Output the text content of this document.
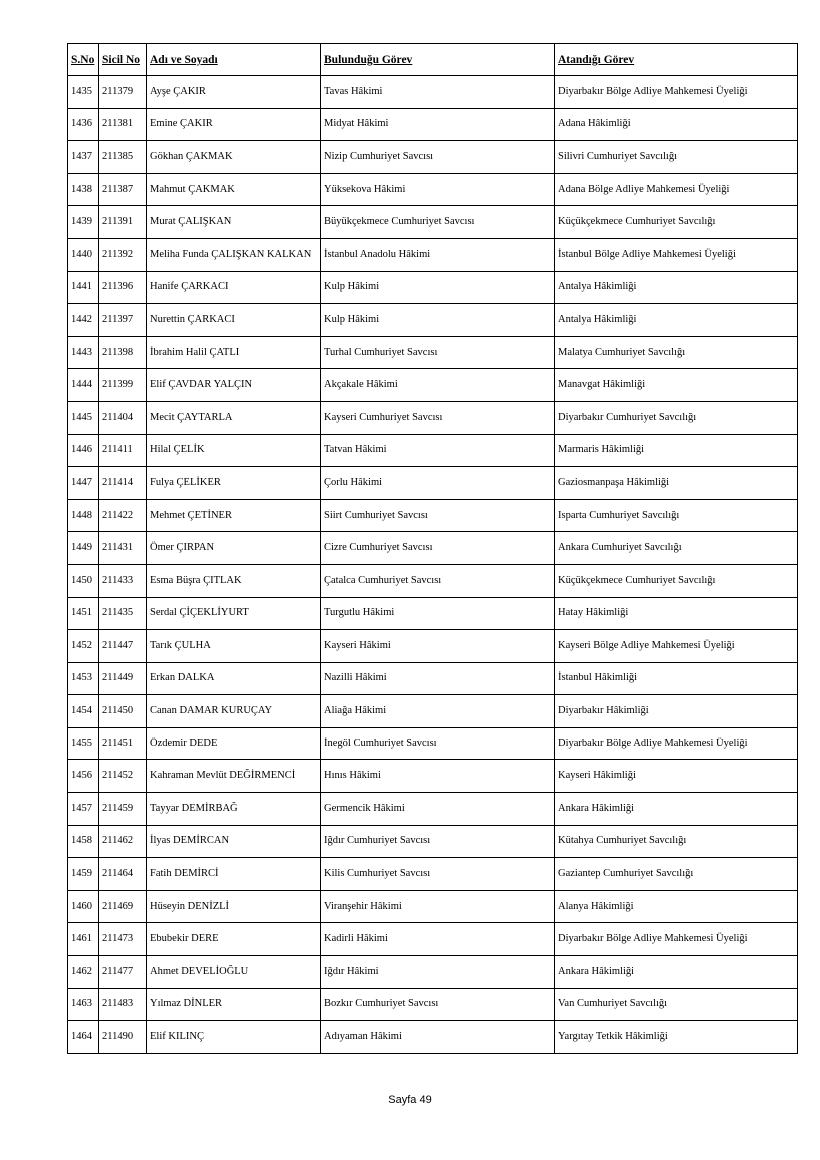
S.No	Sicil No	Adı ve Soyadı	Bulunduğu Görev	Atandığı Görev
1435	211379	Ayşe ÇAKIR	Tavas Hâkimi	Diyarbakır Bölge Adliye Mahkemesi Üyeliği
1436	211381	Emine ÇAKIR	Midyat Hâkimi	Adana Hâkimliği
1437	211385	Gökhan ÇAKMAK	Nizip Cumhuriyet Savcısı	Silivri Cumhuriyet Savcılığı
1438	211387	Mahmut ÇAKMAK	Yüksekova Hâkimi	Adana Bölge Adliye Mahkemesi Üyeliği
1439	211391	Murat ÇALIŞKAN	Büyükçekmece Cumhuriyet Savcısı	Küçükçekmece Cumhuriyet Savcılığı
1440	211392	Meliha Funda ÇALIŞKAN KALKAN	İstanbul Anadolu Hâkimi	İstanbul Bölge Adliye Mahkemesi Üyeliği
1441	211396	Hanife ÇARKACI	Kulp Hâkimi	Antalya Hâkimliği
1442	211397	Nurettin ÇARKACI	Kulp Hâkimi	Antalya Hâkimliği
1443	211398	İbrahim Halil ÇATLI	Turhal Cumhuriyet Savcısı	Malatya Cumhuriyet Savcılığı
1444	211399	Elif ÇAVDAR YALÇIN	Akçakale Hâkimi	Manavgat Hâkimliği
1445	211404	Mecit ÇAYTARLA	Kayseri Cumhuriyet Savcısı	Diyarbakır Cumhuriyet Savcılığı
1446	211411	Hilal ÇELİK	Tatvan Hâkimi	Marmaris Hâkimliği
1447	211414	Fulya ÇELİKER	Çorlu Hâkimi	Gaziosmanpaşa Hâkimliği
1448	211422	Mehmet ÇETİNER	Siirt Cumhuriyet Savcısı	Isparta Cumhuriyet Savcılığı
1449	211431	Ömer ÇIRPAN	Cizre Cumhuriyet Savcısı	Ankara Cumhuriyet Savcılığı
1450	211433	Esma Büşra ÇITLAK	Çatalca Cumhuriyet Savcısı	Küçükçekmece Cumhuriyet Savcılığı
1451	211435	Serdal ÇİÇEKLİYURT	Turgutlu Hâkimi	Hatay Hâkimliği
1452	211447	Tarık ÇULHA	Kayseri Hâkimi	Kayseri Bölge Adliye Mahkemesi Üyeliği
1453	211449	Erkan DALKA	Nazilli Hâkimi	İstanbul Hâkimliği
1454	211450	Canan DAMAR KURUÇAY	Aliağa Hâkimi	Diyarbakır Hâkimliği
1455	211451	Özdemir DEDE	İnegöl Cumhuriyet Savcısı	Diyarbakır Bölge Adliye Mahkemesi Üyeliği
1456	211452	Kahraman Mevlüt DEĞİRMENCİ	Hınıs Hâkimi	Kayseri Hâkimliği
1457	211459	Tayyar DEMİRBAĞ	Germencik Hâkimi	Ankara Hâkimliği
1458	211462	İlyas DEMİRCAN	Iğdır Cumhuriyet Savcısı	Kütahya Cumhuriyet Savcılığı
1459	211464	Fatih DEMİRCİ	Kilis Cumhuriyet Savcısı	Gaziantep Cumhuriyet Savcılığı
1460	211469	Hüseyin DENİZLİ	Viranşehir Hâkimi	Alanya Hâkimliği
1461	211473	Ebubekir DERE	Kadirli Hâkimi	Diyarbakır Bölge Adliye Mahkemesi Üyeliği
1462	211477	Ahmet DEVELİOĞLU	Iğdır Hâkimi	Ankara Hâkimliği
1463	211483	Yılmaz DİNLER	Bozkır Cumhuriyet Savcısı	Van Cumhuriyet Savcılığı
1464	211490	Elif KILINÇ	Adıyaman Hâkimi	Yargıtay Tetkik Hâkimliği
Sayfa 49
